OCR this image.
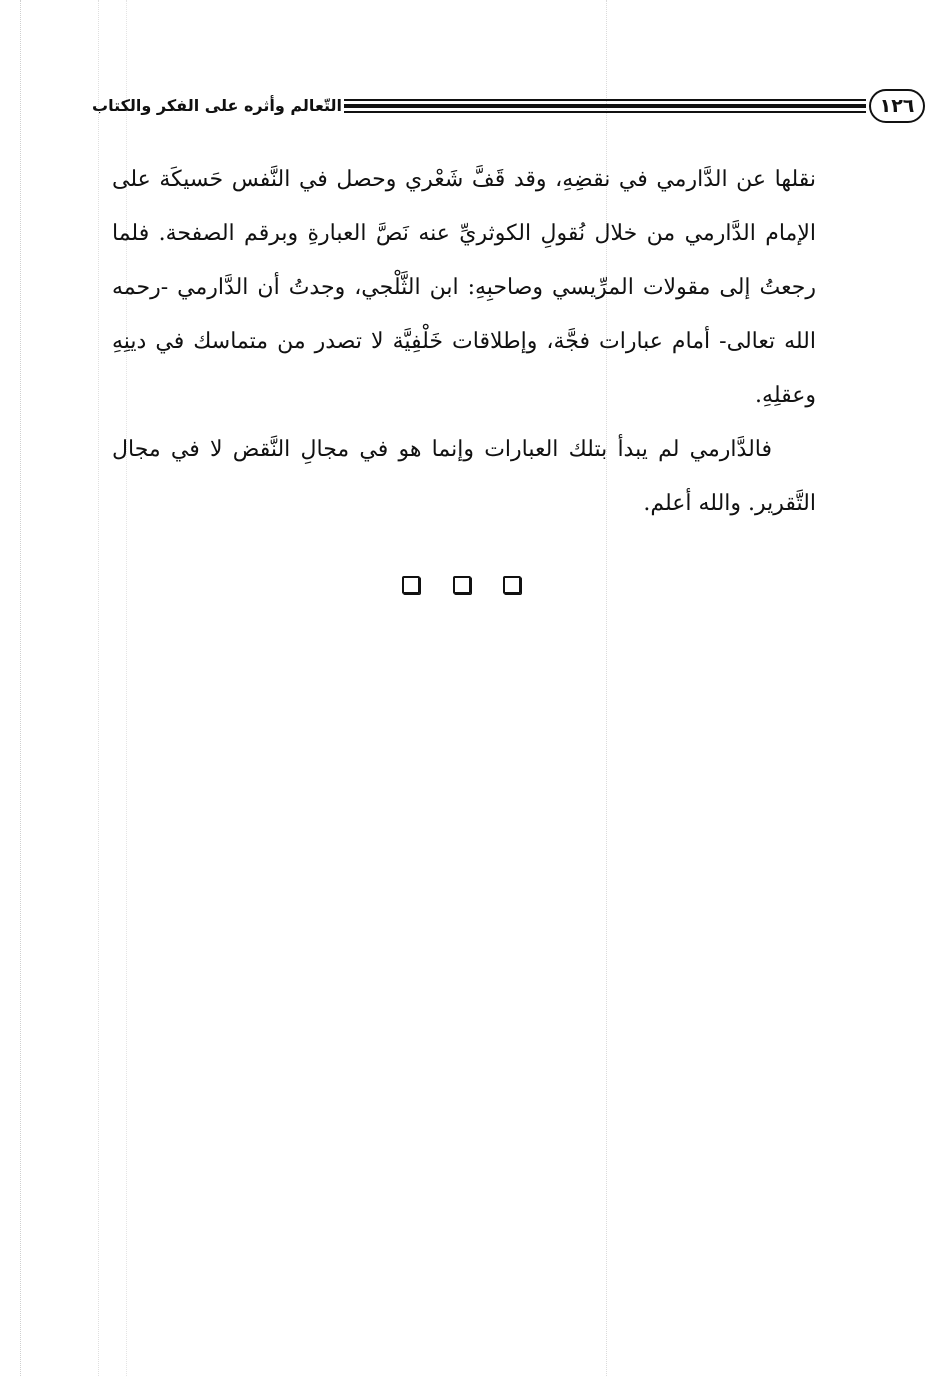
التّعالم وأثره على الفكر والكتاب	١٢٦

نقلها عن الدَّارمي في نقضِهِ، وقد قَفَّ شَعْري وحصل في النَّفس حَسيكَة على الإمام الدَّارمي من خلال نُقولِ الكوثريِّ عنه نَصَّ العبارةِ وبرقم الصفحة. فلما رجعتُ إلى مقولات المرِّيسي وصاحبِهِ: ابن الثَّلْجي، وجدتُ أن الدَّارمي -رحمه الله تعالى- أمام عبارات فجَّة، وإطلاقات خَلْفِيَّة لا تصدر من متماسك في دينِهِ وعقلِهِ.

فالدَّارمي لم يبدأ بتلك العبارات وإنما هو في مجالِ النَّقض لا في مجال التَّقرير. والله أعلم.
